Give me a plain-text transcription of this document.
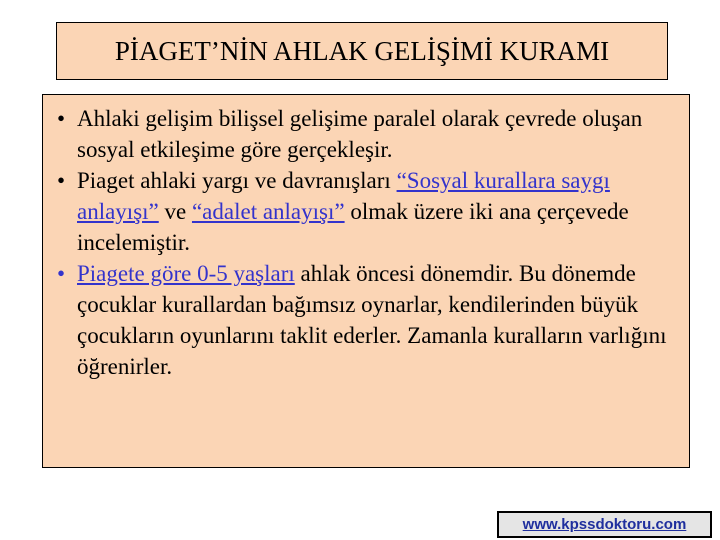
PİAGET’NİN AHLAK GELİŞİMİ KURAMI
• Ahlaki gelişim bilişsel gelişime paralel olarak çevrede oluşan sosyal etkileşime göre gerçekleşir.
• Piaget ahlaki yargı ve davranışları “Sosyal kurallara saygı anlayışı” ve “adalet anlayışı” olmak üzere iki ana çerçevede incelemiştir.
• Piagete göre 0-5 yaşları ahlak öncesi dönemdir. Bu dönemde çocuklar kurallardan bağımsız oynarlar, kendilerinden büyük çocukların oyunlarını taklit ederler. Zamanla kuralların varlığını öğrenirler.
www.kpssdoktoru.com
